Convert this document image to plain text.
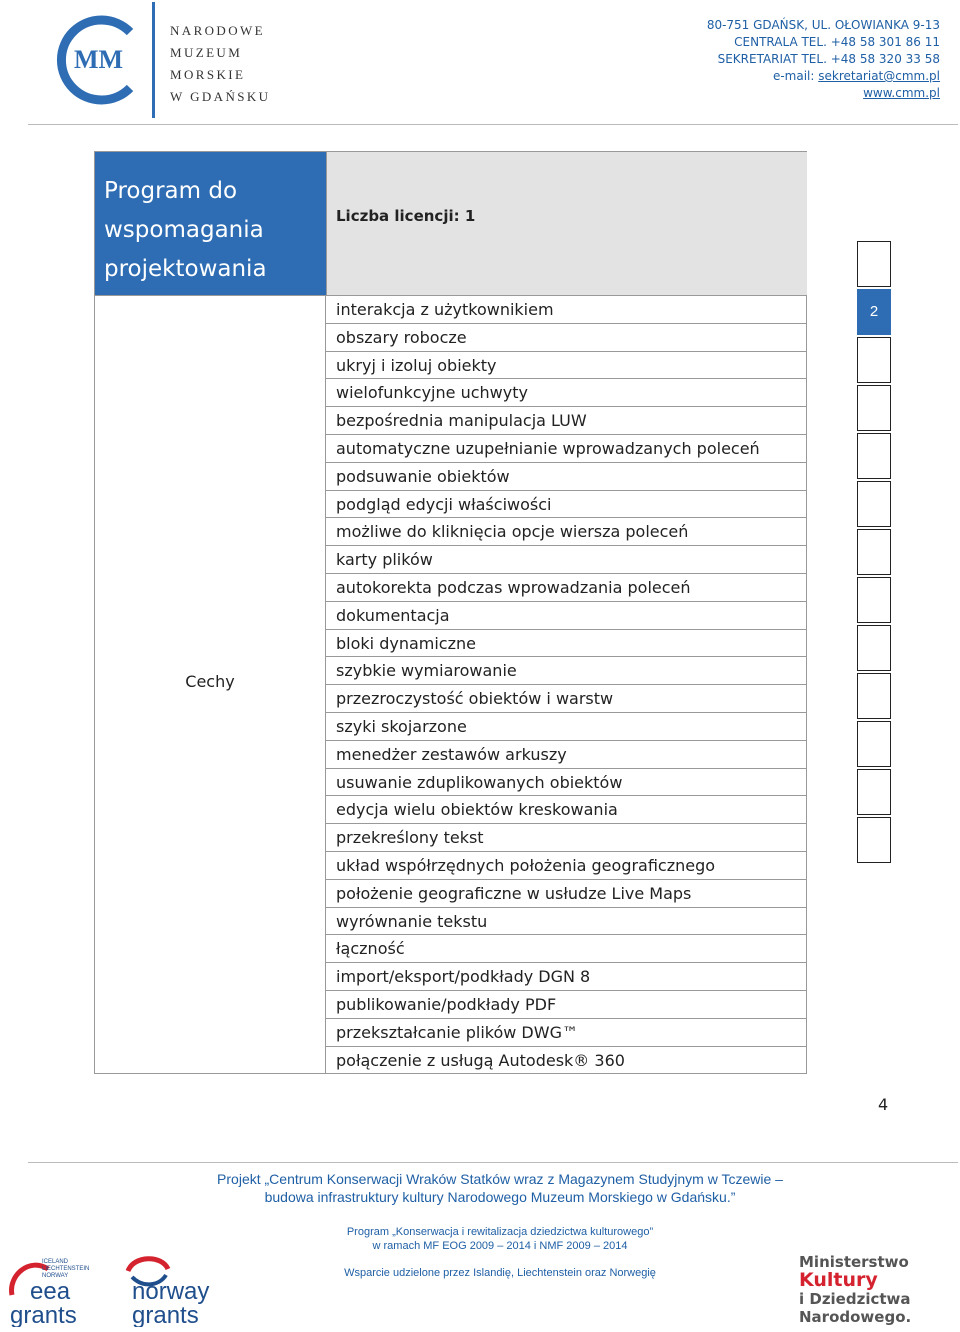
MM
NARODOWE
MUZEUM
MORSKIE
W GDAŃSKU
80-751 GDAŃSK, UL. OŁOWIANKA 9-13
CENTRALA TEL. +48 58 301 86 11
SEKRETARIAT TEL. +48 58 320 33 58
e-mail: sekretariat@cmm.pl
www.cmm.pl
Program do wspomagania projektowania
Liczba licencji: 1
Cechy
interakcja z użytkownikiem
obszary robocze
ukryj i izoluj obiekty
wielofunkcyjne uchwyty
bezpośrednia manipulacja LUW
automatyczne uzupełnianie wprowadzanych poleceń
podsuwanie obiektów
podgląd edycji właściwości
możliwe do kliknięcia opcje wiersza poleceń
karty plików
autokorekta podczas wprowadzania poleceń
dokumentacja
bloki dynamiczne
szybkie wymiarowanie
przezroczystość obiektów i warstw
szyki skojarzone
menedżer zestawów arkuszy
usuwanie zduplikowanych obiektów
edycja wielu obiektów kreskowania
przekreślony tekst
układ współrzędnych położenia geograficznego
położenie geograficzne w usłudze Live Maps
wyrównanie tekstu
łączność
import/eksport/podkłady DGN 8
publikowanie/podkłady PDF
przekształcanie plików DWG™
połączenie z usługą Autodesk® 360
2
4
Projekt „Centrum Konserwacji Wraków Statków wraz z Magazynem Studyjnym w Tczewie –
budowa infrastruktury kultury Narodowego Muzeum Morskiego w Gdańsku.”
Program „Konserwacja i rewitalizacja dziedzictwa kulturowego”
w ramach MF EOG 2009 – 2014 i NMF 2009 – 2014
Wsparcie udzielone przez Islandię, Liechtenstein oraz Norwegię
ICELAND
LIECHTENSTEIN
NORWAY
eea
grants
norway
grants
Ministerstwo
Kultury
i Dziedzictwa
Narodowego.
